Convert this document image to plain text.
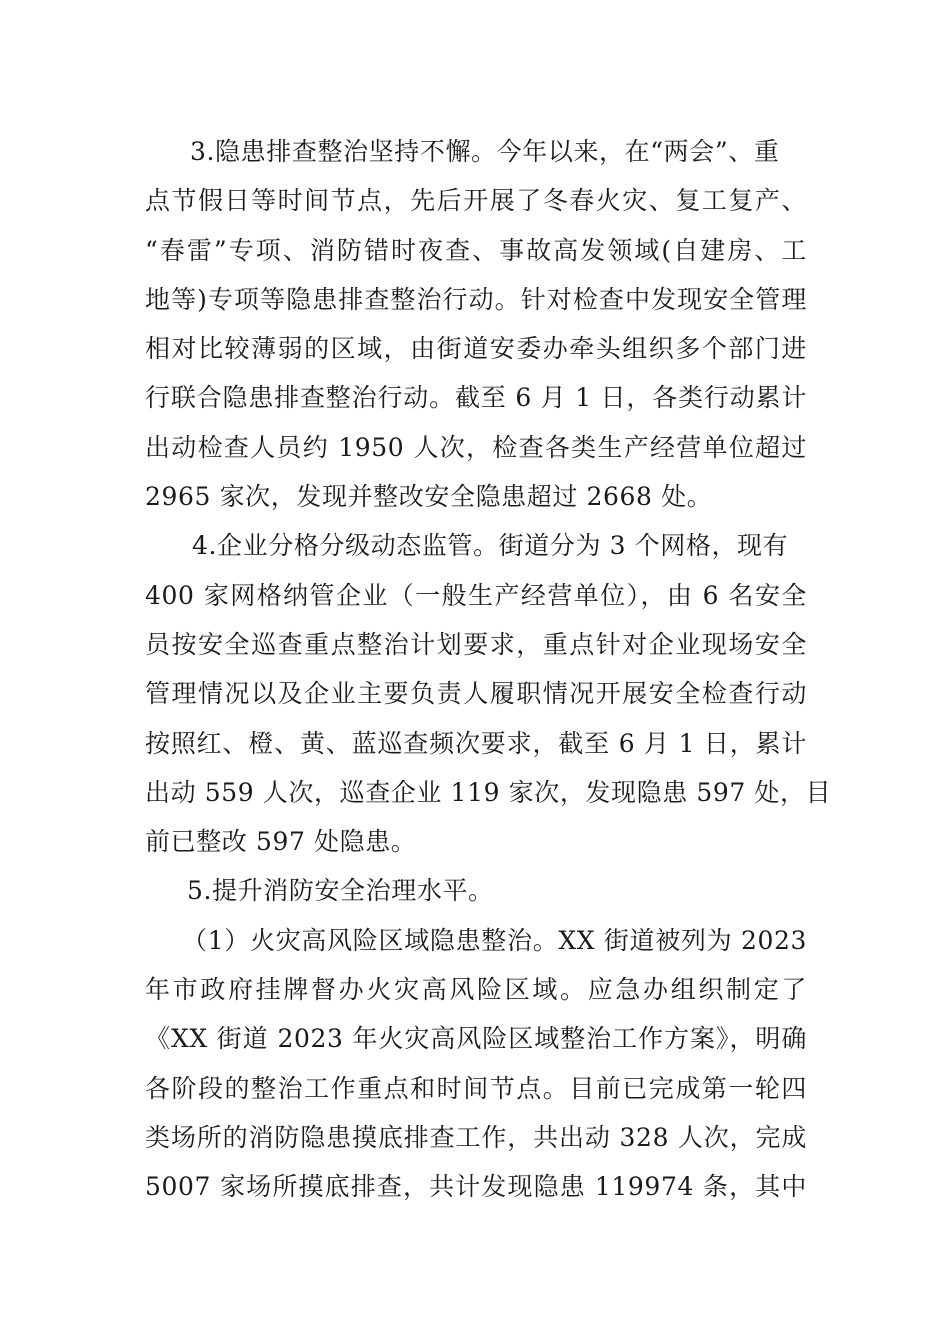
3.隐患排查整治坚持不懈。今年以来，在“两会”、重
点节假日等时间节点，先后开展了冬春火灾、复工复产、
“春雷”专项、消防错时夜查、事故高发领域(自建房、工
地等)专项等隐患排查整治行动。针对检查中发现安全管理
相对比较薄弱的区域，由街道安委办牵头组织多个部门进
行联合隐患排查整治行动。截至 6 月 1 日，各类行动累计
出动检查人员约 1950 人次，检查各类生产经营单位超过
2965 家次，发现并整改安全隐患超过 2668 处。
4.企业分格分级动态监管。街道分为 3 个网格，现有
400 家网格纳管企业（一般生产经营单位），由 6 名安全
员按安全巡查重点整治计划要求，重点针对企业现场安全
管理情况以及企业主要负责人履职情况开展安全检查行动
按照红、橙、黄、蓝巡查频次要求，截至 6 月 1 日，累计
出动 559 人次，巡查企业 119 家次，发现隐患 597 处，目
前已整改 597 处隐患。
5.提升消防安全治理水平。
（1）火灾高风险区域隐患整治。XX 街道被列为 2023
年市政府挂牌督办火灾高风险区域。应急办组织制定了
《XX 街道 2023 年火灾高风险区域整治工作方案》，明确
各阶段的整治工作重点和时间节点。目前已完成第一轮四
类场所的消防隐患摸底排查工作，共出动 328 人次，完成
5007 家场所摸底排查，共计发现隐患 119974 条，其中
